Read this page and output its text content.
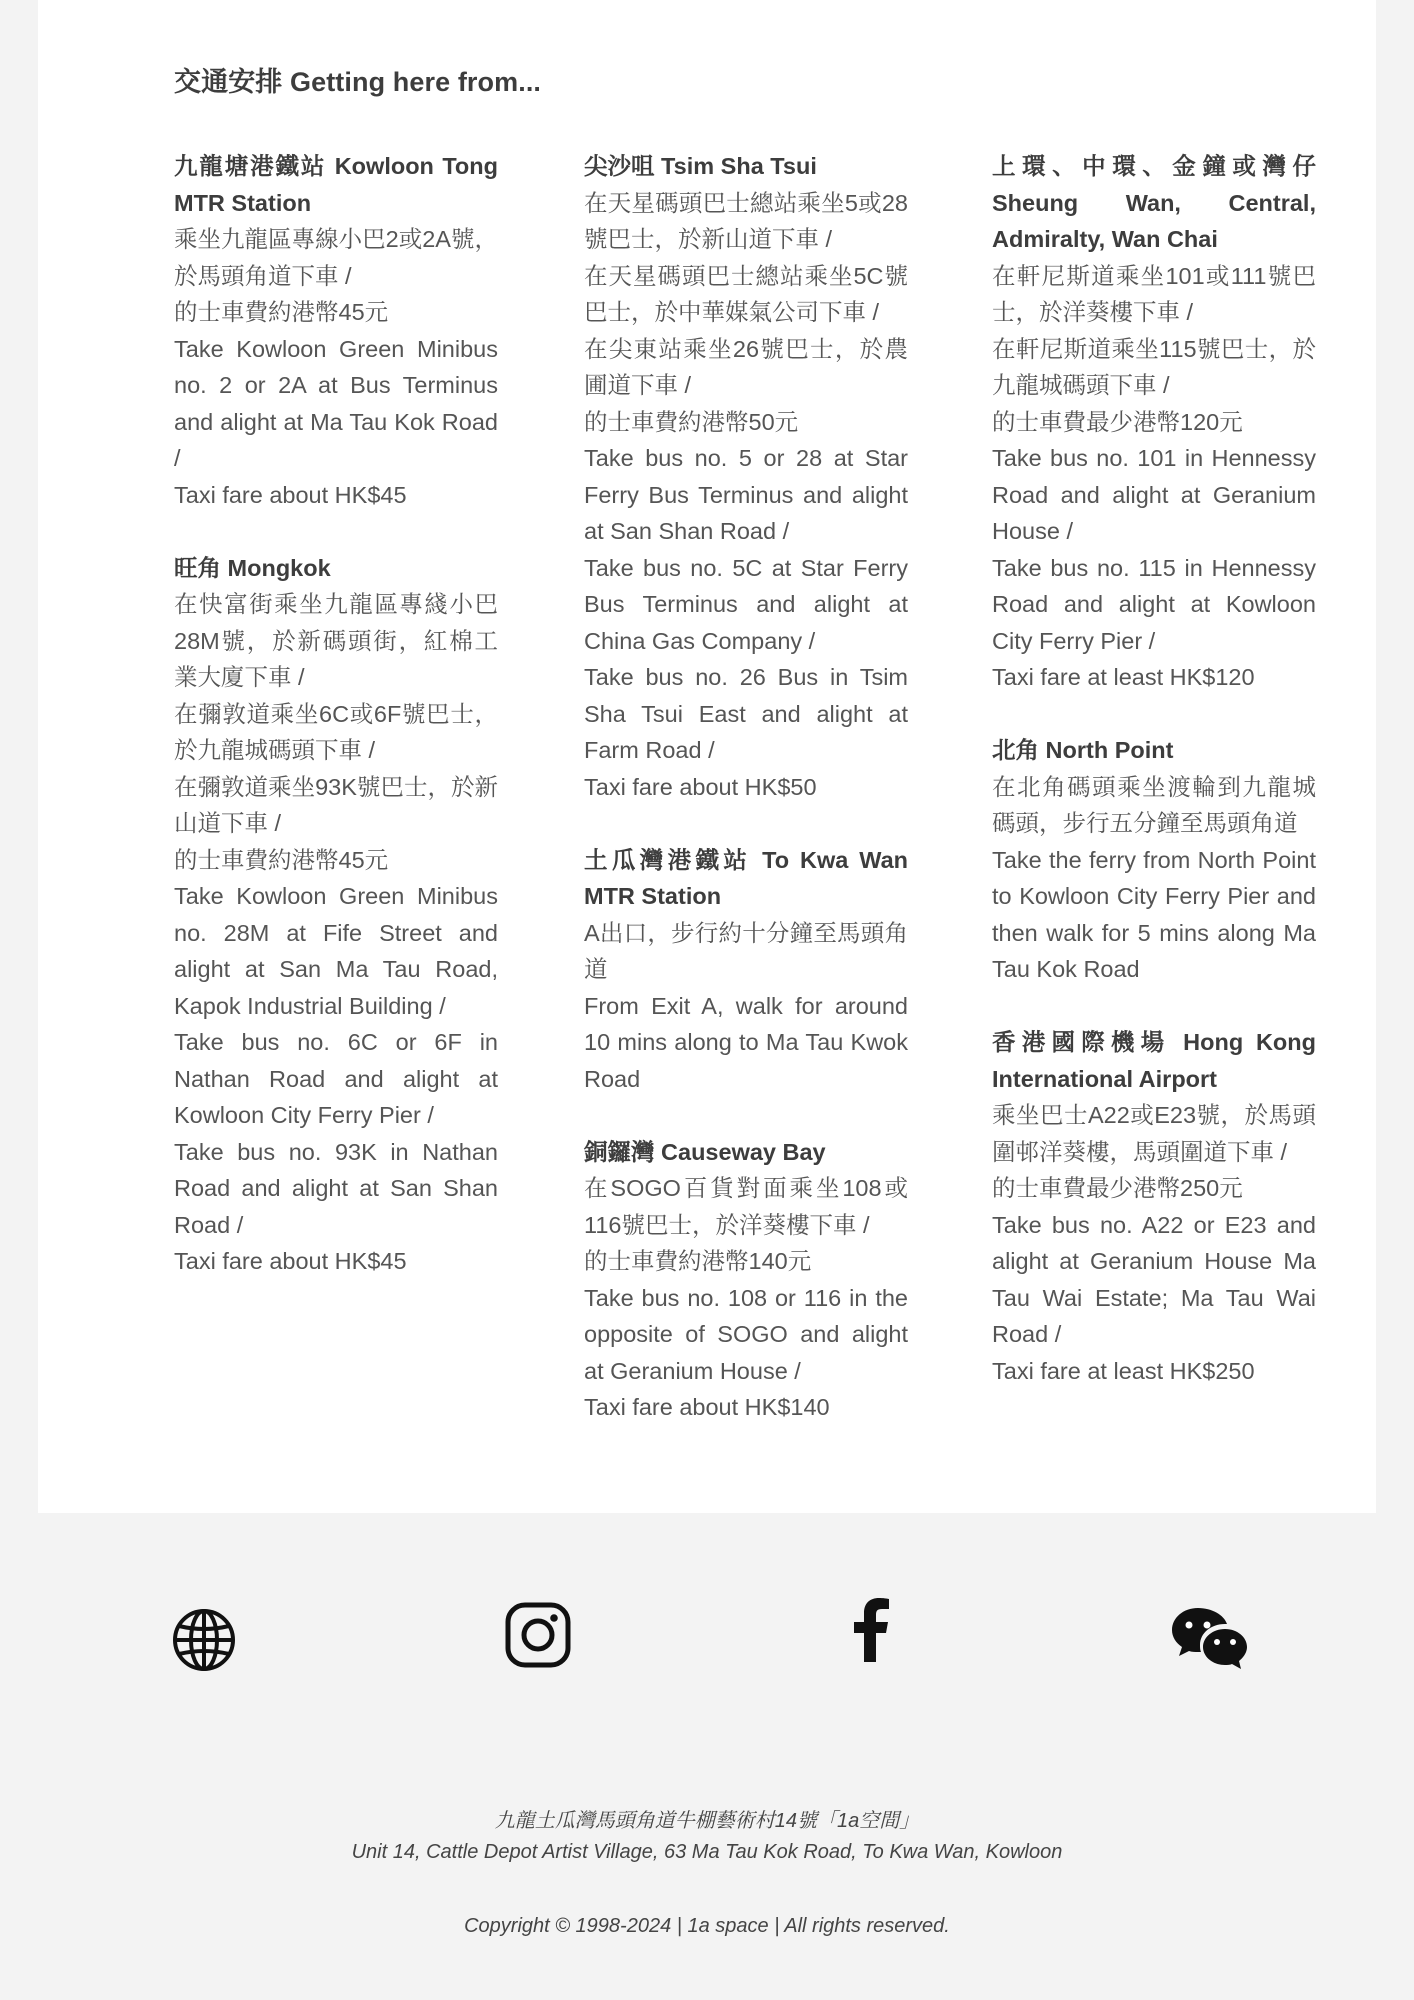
交通安排 Getting here from...

九龍塘港鐵站 Kowloon Tong MTR Station

乘坐九龍區專線小巴2或2A號，於馬頭角道下車 /

的士車費約港幣45元

Take Kowloon Green Minibus no. 2 or 2A at Bus Terminus and alight at Ma Tau Kok Road /

Taxi fare about HK$45

旺角 Mongkok

在快富街乘坐九龍區專綫小巴28M號，於新碼頭街，紅棉工業大廈下車 /

在彌敦道乘坐6C或6F號巴士，於九龍城碼頭下車 /

在彌敦道乘坐93K號巴士，於新山道下車 /

的士車費約港幣45元

Take Kowloon Green Minibus no. 28M at Fife Street and alight at San Ma Tau Road, Kapok Industrial Building /

Take bus no. 6C or 6F in Nathan Road and alight at Kowloon City Ferry Pier /

Take bus no. 93K in Nathan Road and alight at San Shan Road /

Taxi fare about HK$45

尖沙咀 Tsim Sha Tsui

在天星碼頭巴士總站乘坐5或28號巴士，於新山道下車 /

在天星碼頭巴士總站乘坐5C號巴士，於中華媒氣公司下車 /

在尖東站乘坐26號巴士，於農圃道下車 /

的士車費約港幣50元

Take bus no. 5 or 28 at Star Ferry Bus Terminus and alight at San Shan Road /

Take bus no. 5C at Star Ferry Bus Terminus and alight at China Gas Company /

Take bus no. 26 Bus in Tsim Sha Tsui East and alight at Farm Road /

Taxi fare about HK$50

土瓜灣港鐵站 To Kwa Wan MTR Station

A出口，步行約十分鐘至馬頭角道

From Exit A, walk for around 10 mins along to Ma Tau Kwok Road

銅鑼灣 Causeway Bay

在SOGO百貨對面乘坐108或116號巴士，於洋葵樓下車 /

的士車費約港幣140元

Take bus no. 108 or 116 in the opposite of SOGO and alight at Geranium House /

Taxi fare about HK$140

上環、中環、金鐘或灣仔 Sheung Wan, Central, Admiralty, Wan Chai

在軒尼斯道乘坐101或111號巴士，於洋葵樓下車 /

在軒尼斯道乘坐115號巴士，於九龍城碼頭下車 /

的士車費最少港幣120元

Take bus no. 101 in Hennessy Road and alight at Geranium House /

Take bus no. 115 in Hennessy Road and alight at Kowloon City Ferry Pier /

Taxi fare at least HK$120

北角 North Point

在北角碼頭乘坐渡輪到九龍城碼頭，步行五分鐘至馬頭角道

Take the ferry from North Point to Kowloon City Ferry Pier and then walk for 5 mins along Ma Tau Kok Road

香港國際機場 Hong Kong International Airport

乘坐巴士A22或E23號，於馬頭圍邨洋葵樓，馬頭圍道下車 /

的士車費最少港幣250元

Take bus no. A22 or E23 and alight at Geranium House Ma Tau Wai Estate; Ma Tau Wai Road /

Taxi fare at least HK$250

九龍土瓜灣馬頭角道牛棚藝術村14號「1a空間」

Unit 14, Cattle Depot Artist Village, 63 Ma Tau Kok Road, To Kwa Wan, Kowloon

Copyright © 1998-2024 | 1a space | All rights reserved.
